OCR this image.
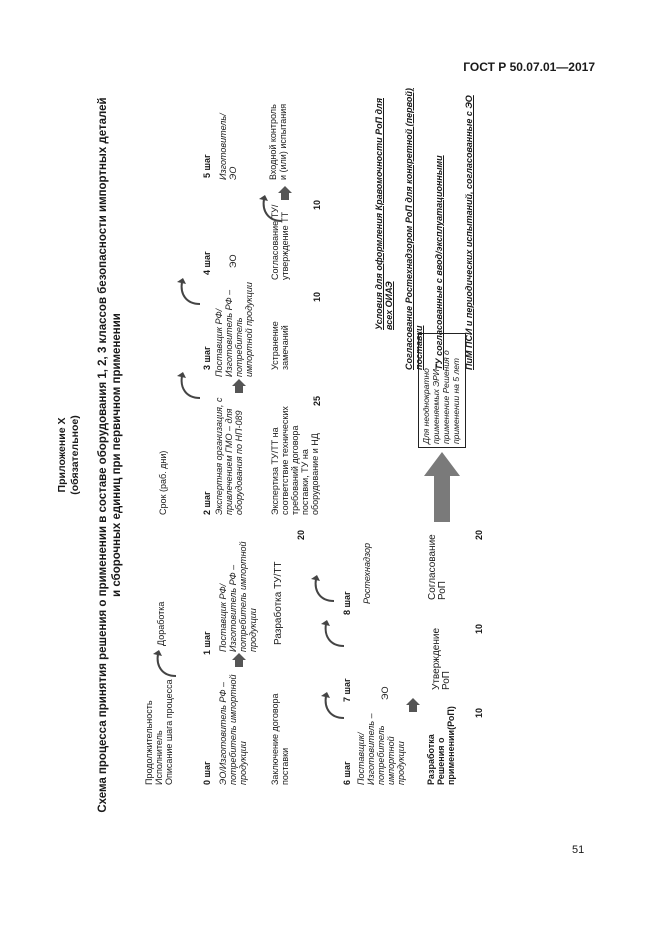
ГОСТ Р 50.07.01—2017
Приложение X (обязательное) Схема процесса принятия решения о применении в составе оборудования 1, 2, 3 классов безопасности импортных деталей и сборочных единиц при первичном применении
Продолжительность Исполнитель Описание шага процесса
Доработка
Срок (раб. дни)
0 шаг
1 шаг
2 шаг
3 шаг
4 шаг
5 шаг
ЭО/Изготовитель РФ – потребитель импортной продукции
Поставщик РФ/Изготовитель РФ – потребитель импортной продукции
Экспертная организация, с привлечением ГМО – для оборудования по НП-089
Поставщик РФ/ Изготовитель РФ – потребитель импортной продукции
ЭО
Изготовитель/ ЭО
Заключение договора поставки
Разработка ТУ/ТТ
Экспертиза ТУ/ТТ на соответствие технических требований договора поставки, ТУ на оборудование и НД
Устранение замечаний
Согласование ТУ/ утверждение ТТ
Входной контроль и (или) испытания
20
25
10
10
6 шаг
7 шаг
8 шаг
Поставщик/ Изготовитель – потребитель импортной продукции
ЭО
Ростехнадзор
Разработка Решения о применении(РоП)
Утверждение РоП
Согласование РоП
10
10
20
Для неоднократно применяемых ЭРИ – применение Решения о применении на 5 лет
Условия для оформления Кравомочности РоП для всех ОИАЭ Согласование Ростехнадзором РоП для конкретной (первой) поставки ТУ согласованные с ввод/эксплуатационными ПиМ ПСИ и периодических испытаний, согласованные с ЭО
51
